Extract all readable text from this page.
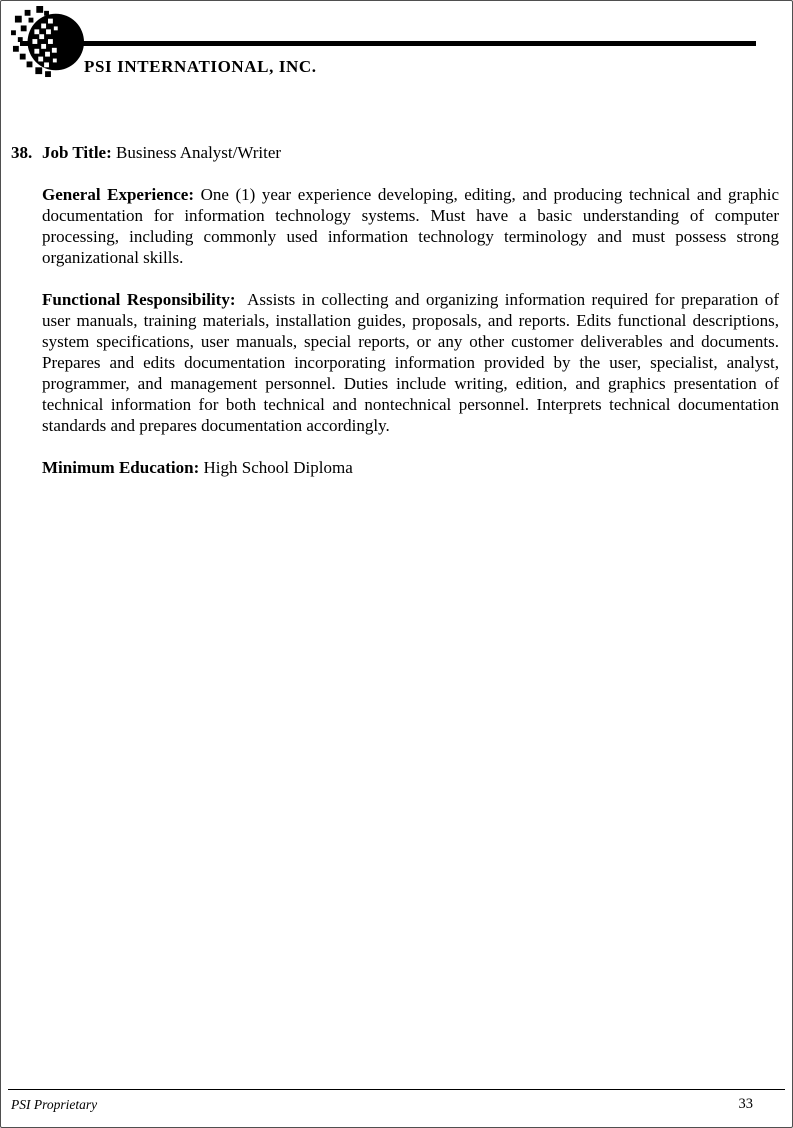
PSI INTERNATIONAL, INC.
38. Job Title: Business Analyst/Writer

General Experience: One (1) year experience developing, editing, and producing technical and graphic documentation for information technology systems. Must have a basic understanding of computer processing, including commonly used information technology terminology and must possess strong organizational skills.

Functional Responsibility: Assists in collecting and organizing information required for preparation of user manuals, training materials, installation guides, proposals, and reports. Edits functional descriptions, system specifications, user manuals, special reports, or any other customer deliverables and documents. Prepares and edits documentation incorporating information provided by the user, specialist, analyst, programmer, and management personnel. Duties include writing, edition, and graphics presentation of technical information for both technical and nontechnical personnel. Interprets technical documentation standards and prepares documentation accordingly.

Minimum Education: High School Diploma

PSI Proprietary	33
